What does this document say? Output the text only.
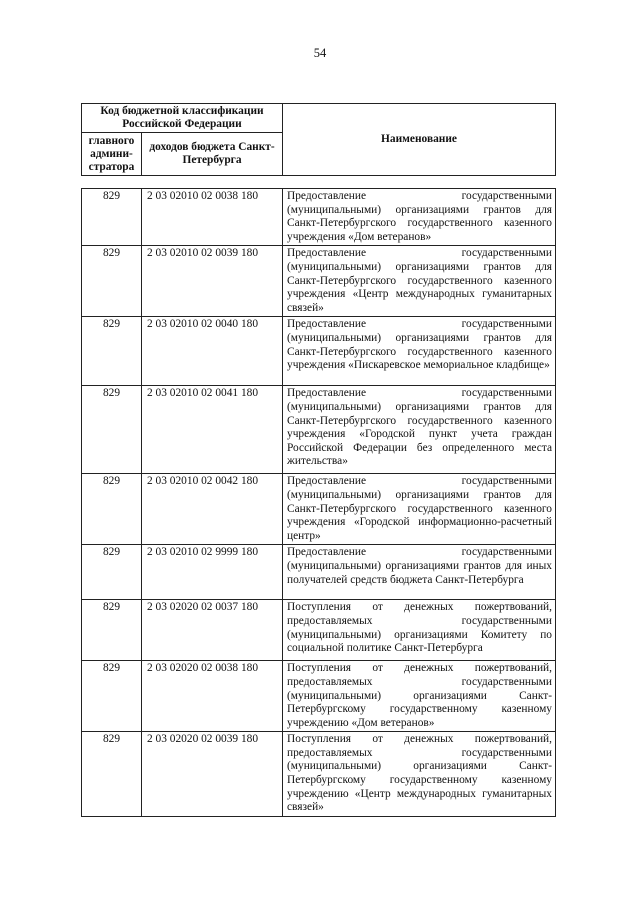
54
Код бюджетной классификации Российской Федерации		Наименование
главного админи-стратора	доходов бюджета Санкт-Петербурга	
829	2 03 02010 02 0038 180	Предоставление государственными (муниципальными) организациями грантов для Санкт-Петербургского государственного казенного учреждения «Дом ветеранов»
829	2 03 02010 02 0039 180	Предоставление государственными (муниципальными) организациями грантов для Санкт-Петербургского государственного казенного учреждения «Центр международных гуманитарных связей»
829	2 03 02010 02 0040 180	Предоставление государственными (муниципальными) организациями грантов для Санкт-Петербургского государственного казенного учреждения «Пискаревское мемориальное кладбище»
829	2 03 02010 02 0041 180	Предоставление государственными (муниципальными) организациями грантов для Санкт-Петербургского государственного казенного учреждения «Городской пункт учета граждан Российской Федерации без определенного места жительства»
829	2 03 02010 02 0042 180	Предоставление государственными (муниципальными) организациями грантов для Санкт-Петербургского государственного казенного учреждения «Городской информационно-расчетный центр»
829	2 03 02010 02 9999 180	Предоставление государственными (муниципальными) организациями грантов для иных получателей средств бюджета Санкт-Петербурга
829	2 03 02020 02 0037 180	Поступления от денежных пожертвований, предоставляемых государственными (муниципальными) организациями Комитету по социальной политике Санкт-Петербурга
829	2 03 02020 02 0038 180	Поступления от денежных пожертвований, предоставляемых государственными (муниципальными) организациями Санкт-Петербургскому государственному казенному учреждению «Дом ветеранов»
829	2 03 02020 02 0039 180	Поступления от денежных пожертвований, предоставляемых государственными (муниципальными) организациями Санкт-Петербургскому государственному казенному учреждению «Центр международных гуманитарных связей»
